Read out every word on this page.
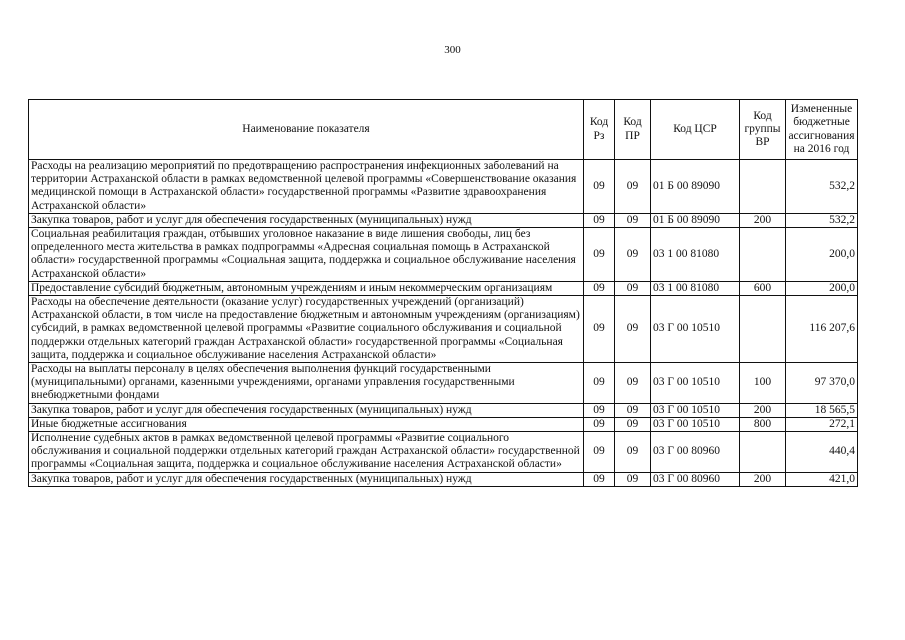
300
Наименование показателя	Код Рз	Код ПР	Код ЦСР	Код группы ВР	Измененные бюджетные ассигнования на 2016 год
Расходы на реализацию мероприятий по предотвращению распространения инфекционных заболеваний на территории Астраханской области в рамках ведомственной целевой программы «Совершенствование оказания медицинской помощи в Астраханской области» государственной программы «Развитие здравоохранения Астраханской области»	09	09	01 Б 00 89090		532,2
Закупка товаров, работ и услуг для обеспечения государственных (муниципальных) нужд	09	09	01 Б 00 89090	200	532,2
Социальная реабилитация граждан, отбывших уголовное наказание в виде лишения свободы, лиц без определенного места жительства в рамках подпрограммы «Адресная социальная помощь в Астраханской области» государственной программы «Социальная защита, поддержка и социальное обслуживание населения Астраханской области»	09	09	03 1 00 81080		200,0
Предоставление субсидий бюджетным, автономным учреждениям и иным некоммерческим организациям	09	09	03 1 00 81080	600	200,0
Расходы на обеспечение деятельности (оказание услуг) государственных учреждений (организаций) Астраханской области, в том числе на предоставление бюджетным и автономным учреждениям (организациям) субсидий, в рамках ведомственной целевой программы «Развитие социального обслуживания и социальной поддержки отдельных категорий граждан Астраханской области» государственной программы «Социальная защита, поддержка и социальное обслуживание населения Астраханской области»	09	09	03 Г 00 10510		116 207,6
Расходы на выплаты персоналу в целях обеспечения выполнения функций государственными (муниципальными) органами, казенными учреждениями, органами управления государственными внебюджетными фондами	09	09	03 Г 00 10510	100	97 370,0
Закупка товаров, работ и услуг для обеспечения государственных (муниципальных) нужд	09	09	03 Г 00 10510	200	18 565,5
Иные бюджетные ассигнования	09	09	03 Г 00 10510	800	272,1
Исполнение судебных актов в рамках ведомственной целевой программы «Развитие социального обслуживания и социальной поддержки отдельных категорий граждан Астраханской области» государственной программы «Социальная защита, поддержка и социальное обслуживание населения Астраханской области»	09	09	03 Г 00 80960		440,4
Закупка товаров, работ и услуг для обеспечения государственных (муниципальных) нужд	09	09	03 Г 00 80960	200	421,0
